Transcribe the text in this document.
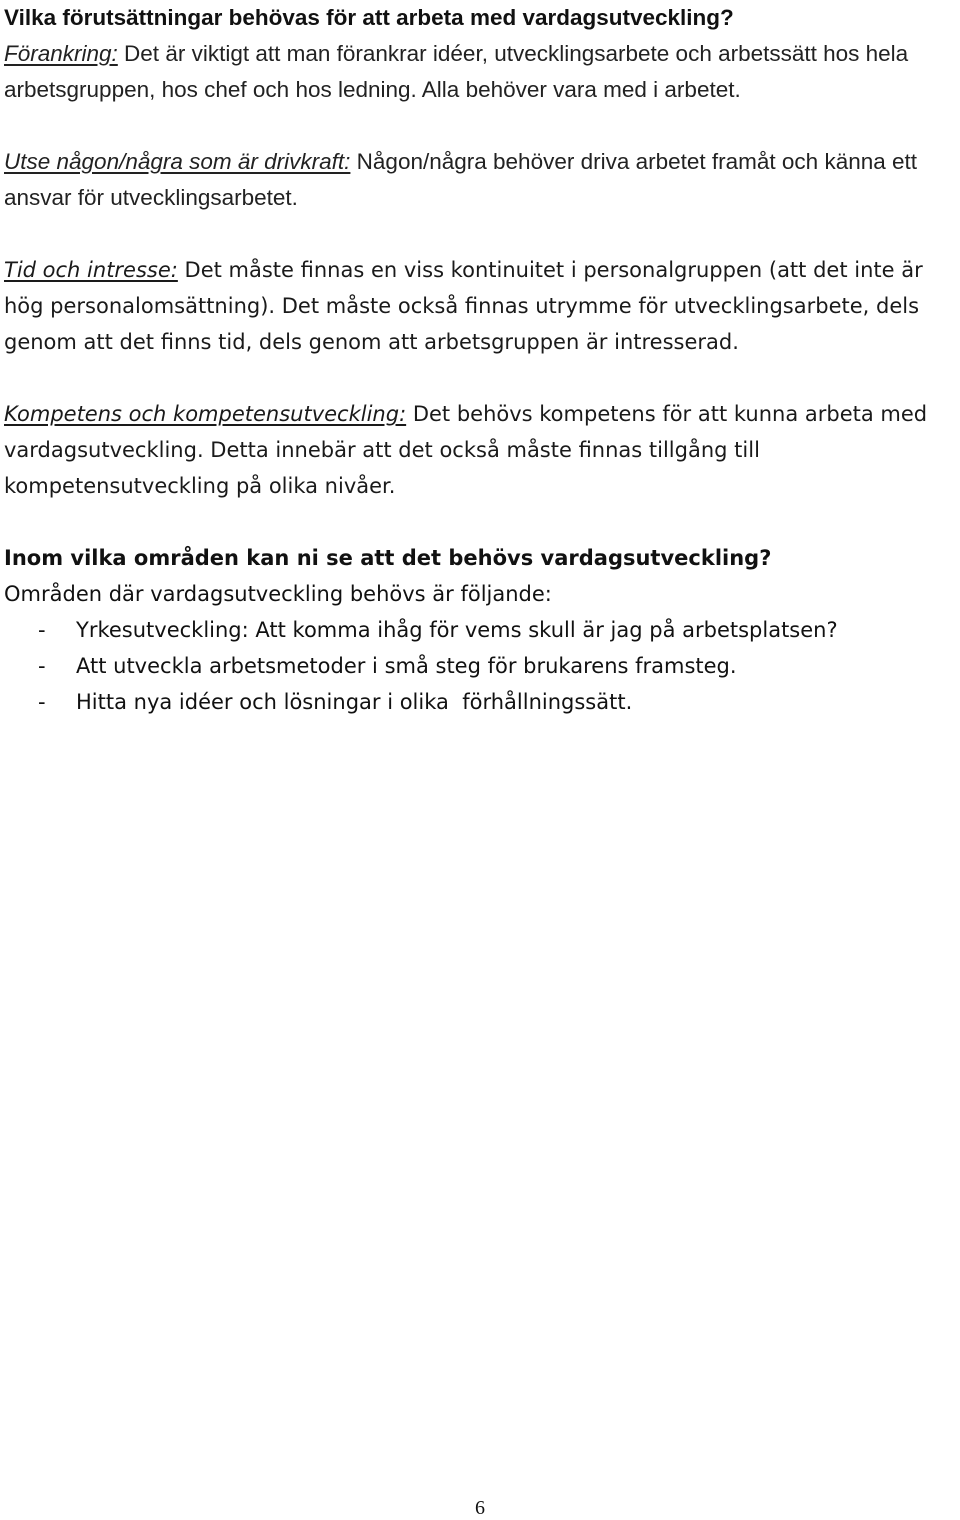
Vilka förutsättningar behövas för att arbeta med vardagsutveckling?

Förankring: Det är viktigt att man förankrar idéer, utvecklingsarbete och arbetssätt hos hela arbetsgruppen, hos chef och hos ledning. Alla behöver vara med i arbetet.

Utse någon/några som är drivkraft: Någon/några behöver driva arbetet framåt och känna ett ansvar för utvecklingsarbetet.

Tid och intresse: Det måste finnas en viss kontinuitet i personalgruppen (att det inte är hög personalomsättning). Det måste också finnas utrymme för utvecklingsarbete, dels genom att det finns tid, dels genom att arbetsgruppen är intresserad.

Kompetens och kompetensutveckling: Det behövs kompetens för att kunna arbeta med vardagsutveckling. Detta innebär att det också måste finnas tillgång till kompetensutveckling på olika nivåer.

Inom vilka områden kan ni se att det behövs vardagsutveckling?

Områden där vardagsutveckling behövs är följande:

- Yrkesutveckling: Att komma ihåg för vems skull är jag på arbetsplatsen?
- Att utveckla arbetsmetoder i små steg för brukarens framsteg.
- Hitta nya idéer och lösningar i olika  förhållningssätt.
6
